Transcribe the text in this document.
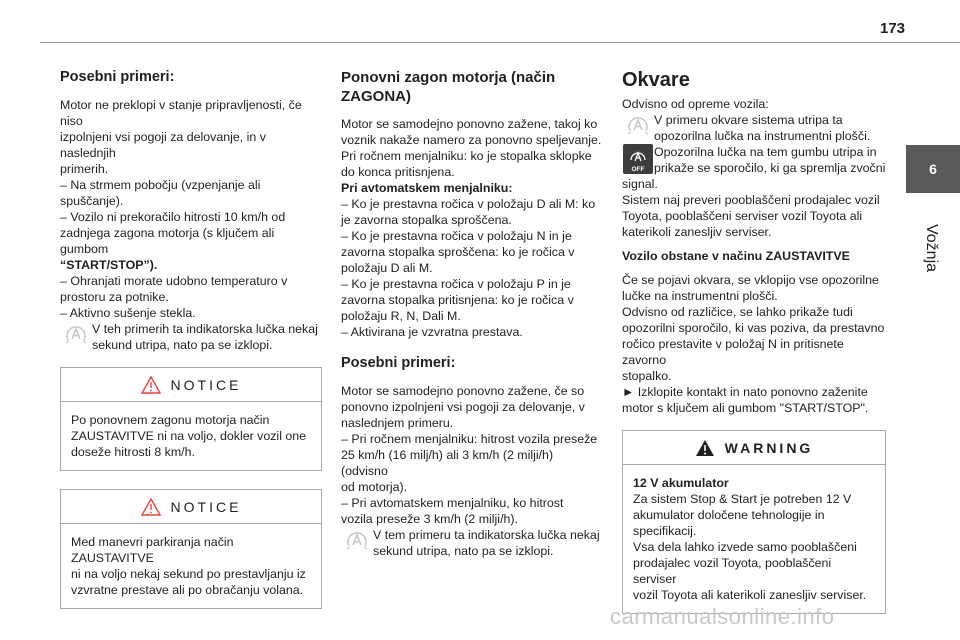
173
6
Vožnja
Posebni primeri:

Motor ne preklopi v stanje pripravljenosti, če niso

izpolnjeni vsi pogoji za delovanje, in v naslednjih

primerih.

– Na strmem pobočju (vzpenjanje ali spuščanje).

– Vozilo ni prekoračilo hitrosti 10 km/h od

zadnjega zagona motorja (s ključem ali gumbom

“START/STOP”).

– Ohranjati morate udobno temperaturo v

prostoru za potnike.

– Aktivno sušenje stekla.

V teh primerih ta indikatorska lučka nekaj

sekund utripa, nato pa se izklopi.

NOTICE

Po ponovnem zagonu motorja način

ZAUSTAVITVE ni na voljo, dokler vozil one

doseže hitrosti 8 km/h.

NOTICE

Med manevri parkiranja način ZAUSTAVITVE

ni na voljo nekaj sekund po prestavljanju iz

vzvratne prestave ali po obračanju volana.

Ponovni zagon motorja (način
ZAGONA)

Motor se samodejno ponovno zažene, takoj ko

voznik nakaže namero za ponovno speljevanje.

Pri ročnem menjalniku: ko je stopalka sklopke

do konca pritisnjena.

Pri avtomatskem menjalniku:

– Ko je prestavna ročica v položaju D ali M: ko

je zavorna stopalka sproščena.

– Ko je prestavna ročica v položaju N in je

zavorna stopalka sproščena: ko je ročica v

položaju D ali M.

– Ko je prestavna ročica v položaju P in je

zavorna stopalka pritisnjena: ko je ročica v

položaju R, N, Dali M.

– Aktivirana je vzvratna prestava.

Posebni primeri:

Motor se samodejno ponovno zažene, če so

ponovno izpolnjeni vsi pogoji za delovanje, v

naslednjem primeru.

– Pri ročnem menjalniku: hitrost vozila preseže

25 km/h (16 milj/h) ali 3 km/h (2 milji/h) (odvisno

od motorja).

– Pri avtomatskem menjalniku, ko hitrost

vozila preseže 3 km/h (2 milji/h).

V tem primeru ta indikatorska lučka nekaj

sekund utripa, nato pa se izklopi.

Okvare

Odvisno od opreme vozila:

V primeru okvare sistema utripa ta

opozorilna lučka na instrumentni plošči.

OFF

Opozorilna lučka na tem gumbu utripa in

prikaže se sporočilo, ki ga spremlja zvočni

signal.

Sistem naj preveri pooblaščeni prodajalec vozil

Toyota, pooblaščeni serviser vozil Toyota ali

katerikoli zanesljiv serviser.

Vozilo obstane v načinu ZAUSTAVITVE

Če se pojavi okvara, se vklopijo vse opozorilne

lučke na instrumentni plošči.

Odvisno od različice, se lahko prikaže tudi

opozorilni sporočilo, ki vas poziva, da prestavno

ročico prestavite v položaj N in pritisnete zavorno

stopalko.

► Izklopite kontakt in nato ponovno zaženite

motor s ključem ali gumbom "START/STOP".

WARNING

12 V akumulator

Za sistem Stop & Start je potreben 12 V

akumulator določene tehnologije in

specifikacij.

Vsa dela lahko izvede samo pooblaščeni

prodajalec vozil Toyota, pooblaščeni serviser

vozil Toyota ali katerikoli zanesljiv serviser.

carmanualsonline.info
